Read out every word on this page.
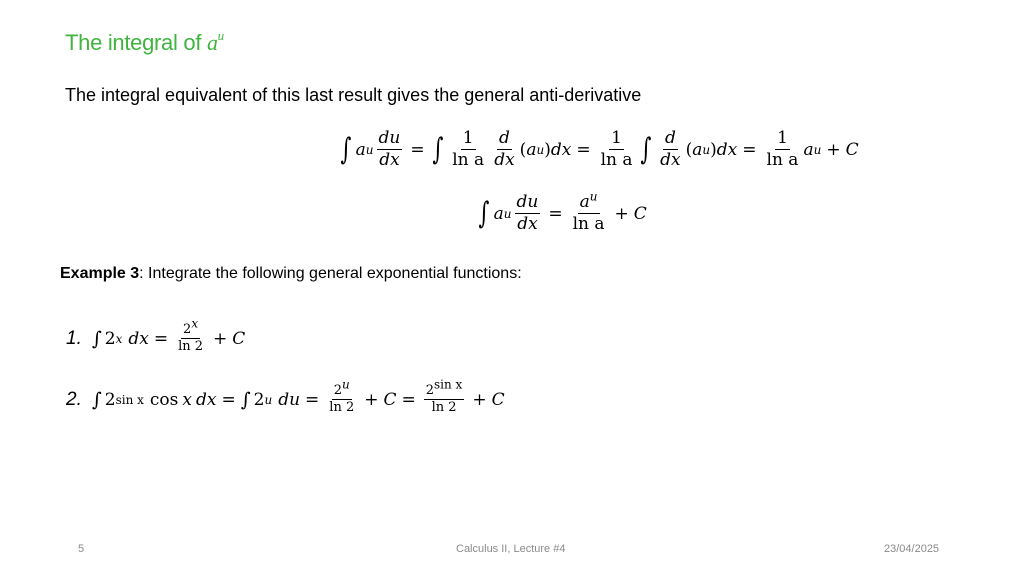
The integral of $a^u$
The integral equivalent of this last result gives the general anti-derivative
∫ a u $\frac{du}{dx}$ = ∫ $\frac{1}{\text{ln a}} \frac{d}{dx}$ ( a u ) dx = $\frac{1}{\text{ln a}}$ ∫ $\frac{d}{dx}$ ( a u ) dx = $\frac{1}{\text{ln a}}$ a u + C
∫ a u $\frac{du}{dx} = \frac{a^u}{\text{ln a}} + C$
Example 3: Integrate the following general exponential functions:
1. ∫ 2 x dx = $\frac{2^x}{\ln 2} + C$
2. ∫ 2 sin x cos x dx = ∫ 2 u du = $\frac{2^u}{\ln 2} + C = \frac{2^{sin x}}{\ln 2} + C$
5	Calculus II, Lecture #4	23/04/2025
